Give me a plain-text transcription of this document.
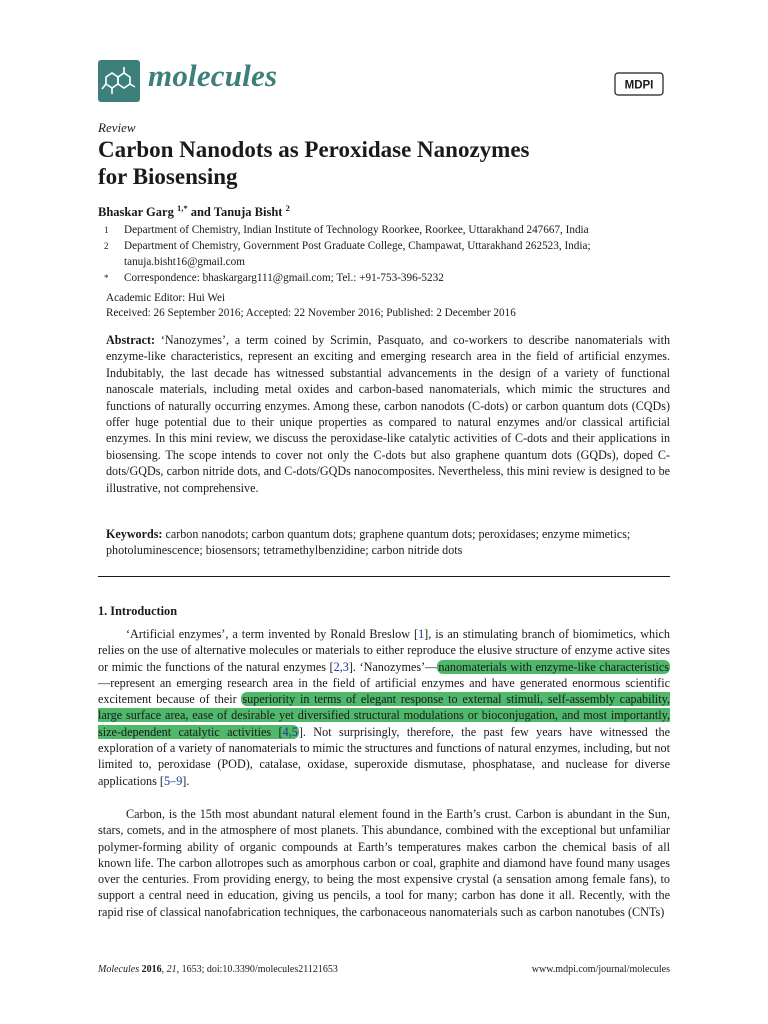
molecules	MDPI
Review
Carbon Nanodots as Peroxidase Nanozymes
for Biosensing
Bhaskar Garg $^{1,*}$ and Tanuja Bisht $^2$
1 Department of Chemistry, Indian Institute of Technology Roorkee, Roorkee, Uttarakhand 247667, India
2 Department of Chemistry, Government Post Graduate College, Champawat, Uttarakhand 262523, India;
tanuja.bisht16@gmail.com
* Correspondence: bhaskargarg111@gmail.com; Tel.: +91-753-396-5232
Academic Editor: Hui Wei
Received: 26 September 2016; Accepted: 22 November 2016; Published: 2 December 2016

Abstract: ‘Nanozymes’, a term coined by Scrimin, Pasquato, and co-workers to describe nanomaterials with enzyme-like characteristics, represent an exciting and emerging research area in the field of artificial enzymes. Indubitably, the last decade has witnessed substantial advancements in the design of a variety of functional nanoscale materials, including metal oxides and carbon-based nanomaterials, which mimic the structures and functions of naturally occurring enzymes. Among these, carbon nanodots (C-dots) or carbon quantum dots (CQDs) offer huge potential due to their unique properties as compared to natural enzymes and/or classical artificial enzymes. In this mini review, we discuss the peroxidase-like catalytic activities of C-dots and their applications in biosensing. The scope intends to cover not only the C-dots but also graphene quantum dots (GQDs), doped C-dots/GQDs, carbon nitride dots, and C-dots/GQDs nanocomposites. Nevertheless, this mini review is designed to be illustrative, not comprehensive.

Keywords: carbon nanodots; carbon quantum dots; graphene quantum dots; peroxidases; enzyme mimetics; photoluminescence; biosensors; tetramethylbenzidine; carbon nitride dots

1. Introduction

‘Artificial enzymes’, a term invented by Ronald Breslow [1], is an stimulating branch of biomimetics, which relies on the use of alternative molecules or materials to either reproduce the elusive structure of enzyme active sites or mimic the functions of the natural enzymes [2,3]. ‘Nanozymes’—nanomaterials with enzyme-like characteristics—represent an emerging research area in the field of artificial enzymes and have generated enormous scientific excitement because of their superiority in terms of elegant response to external stimuli, self-assembly capability, large surface area, ease of desirable yet diversified structural modulations or bioconjugation, and most importantly, size-dependent catalytic activities [4,5]. Not surprisingly, therefore, the past few years have witnessed the exploration of a variety of nanomaterials to mimic the structures and functions of natural enzymes, including, but not limited to, peroxidase (POD), catalase, oxidase, superoxide dismutase, phosphatase, and nuclease for diverse applications [5–9].

Carbon, is the 15th most abundant natural element found in the Earth’s crust. Carbon is abundant in the Sun, stars, comets, and in the atmosphere of most planets. This abundance, combined with the exceptional but unfamiliar polymer-forming ability of organic compounds at Earth’s temperatures makes carbon the chemical basis of all known life. The carbon allotropes such as amorphous carbon or coal, graphite and diamond have found many usages over the centuries. From providing energy, to being the most expensive crystal (a sensation among female fans), to support a central need in education, giving us pencils, a tool for many; carbon has done it all. Recently, with the rapid rise of classical nanofabrication techniques, the carbonaceous nanomaterials such as carbon nanotubes (CNTs)

Molecules 2016, 21, 1653; doi:10.3390/molecules21121653	www.mdpi.com/journal/molecules
